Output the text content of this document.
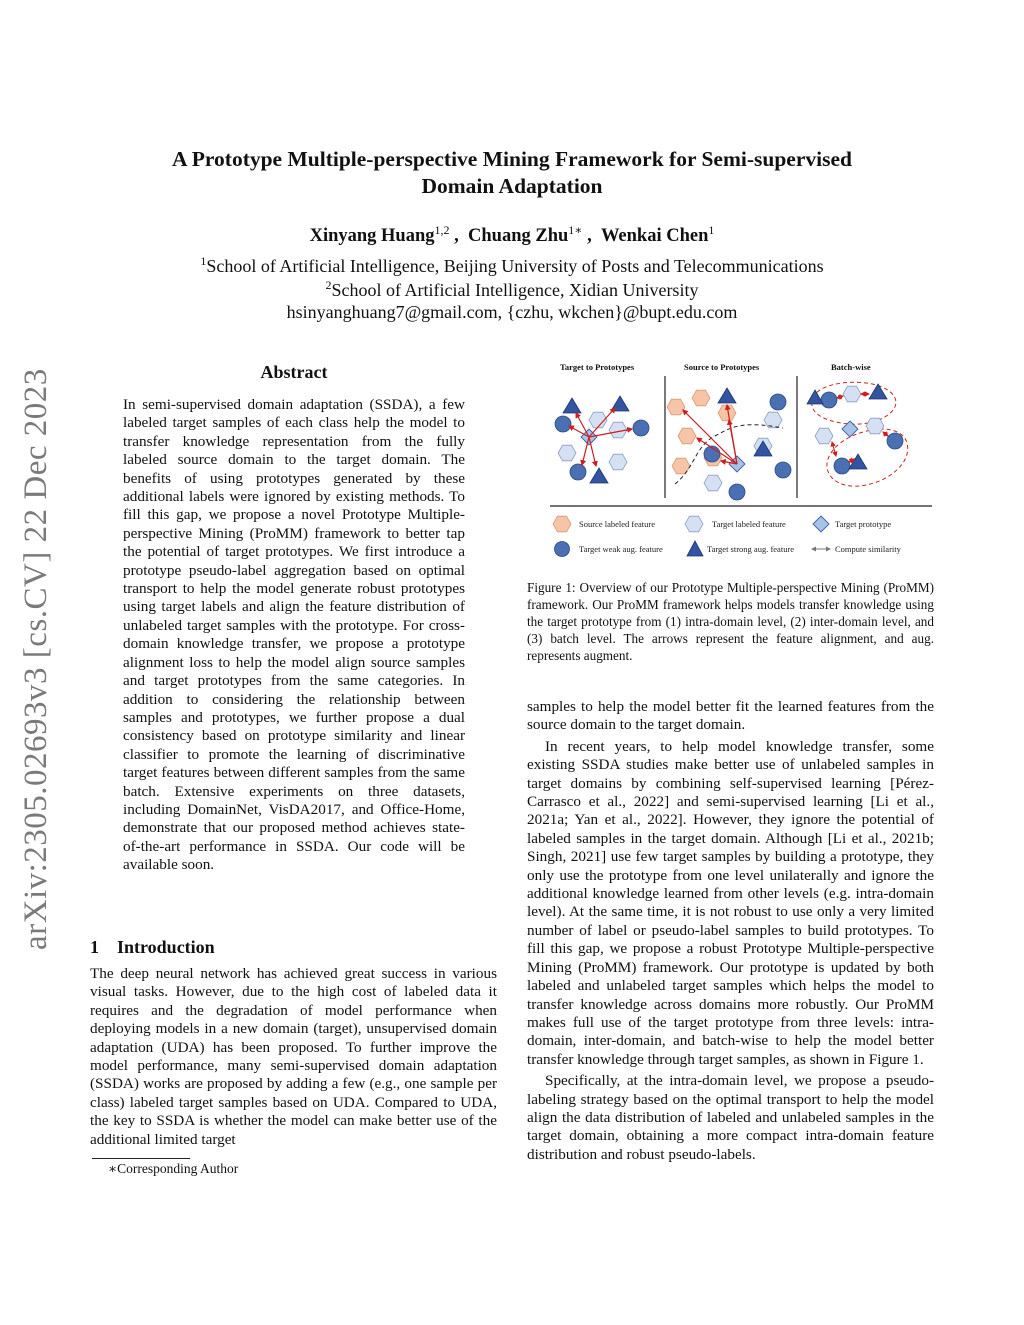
arXiv:2305.02693v3 [cs.CV] 22 Dec 2023
A Prototype Multiple-perspective Mining Framework for Semi-supervised
Domain Adaptation
Xinyang Huang$^{1,2}$ ,  Chuang Zhu$^{1∗}$ ,  Wenkai Chen$^1$
$^1$School of Artificial Intelligence, Beijing University of Posts and Telecommunications
$^2$School of Artificial Intelligence, Xidian University
hsinyanghuang7@gmail.com, {czhu, wkchen}@bupt.edu.com
Abstract

In semi-supervised domain adaptation (SSDA), a few labeled target samples of each class help the model to transfer knowledge representation from the fully labeled source domain to the target domain. The benefits of using prototypes generated by these additional labels were ignored by existing methods. To fill this gap, we propose a novel Prototype Multiple-perspective Mining (ProMM) framework to better tap the potential of target prototypes. We first introduce a prototype pseudo-label aggregation based on optimal transport to help the model generate robust prototypes using target labels and align the feature distribution of unlabeled target samples with the prototype. For cross-domain knowledge transfer, we propose a prototype alignment loss to help the model align source samples and target prototypes from the same categories. In addition to considering the relationship between samples and prototypes, we further propose a dual consistency based on prototype similarity and linear classifier to promote the learning of discriminative target features between different samples from the same batch. Extensive experiments on three datasets, including DomainNet, VisDA2017, and Office-Home, demonstrate that our proposed method achieves state-of-the-art performance in SSDA. Our code will be available soon.

1 Introduction

The deep neural network has achieved great success in various visual tasks. However, due to the high cost of labeled data it requires and the degradation of model performance when deploying models in a new domain (target), unsupervised domain adaptation (UDA) has been proposed. To further improve the model performance, many semi-supervised domain adaptation (SSDA) works are proposed by adding a few (e.g., one sample per class) labeled target samples based on UDA. Compared to UDA, the key to SSDA is whether the model can make better use of the additional limited target

∗Corresponding Author
Target to Prototypes	Source to Prototypes	Batch-wise
Source labeled feature	Target labeled feature	Target prototype
Target weak aug. feature	Target strong aug. feature	Compute similarity
Figure 1: Overview of our Prototype Multiple-perspective Mining (ProMM) framework. Our ProMM framework helps models transfer knowledge using the target prototype from (1) intra-domain level, (2) inter-domain level, and (3) batch level. The arrows represent the feature alignment, and aug. represents augment.

samples to help the model better fit the learned features from the source domain to the target domain.

In recent years, to help model knowledge transfer, some existing SSDA studies make better use of unlabeled samples in target domains by combining self-supervised learning [Pérez-Carrasco et al., 2022] and semi-supervised learning [Li et al., 2021a; Yan et al., 2022]. However, they ignore the potential of labeled samples in the target domain. Although [Li et al., 2021b; Singh, 2021] use few target samples by building a prototype, they only use the prototype from one level unilaterally and ignore the additional knowledge learned from other levels (e.g. intra-domain level). At the same time, it is not robust to use only a very limited number of label or pseudo-label samples to build prototypes. To fill this gap, we propose a robust Prototype Multiple-perspective Mining (ProMM) framework. Our prototype is updated by both labeled and unlabeled target samples which helps the model to transfer knowledge across domains more robustly. Our ProMM makes full use of the target prototype from three levels: intra-domain, inter-domain, and batch-wise to help the model better transfer knowledge through target samples, as shown in Figure 1.

Specifically, at the intra-domain level, we propose a pseudo-labeling strategy based on the optimal transport to help the model align the data distribution of labeled and unlabeled samples in the target domain, obtaining a more compact intra-domain feature distribution and robust pseudo-labels.
